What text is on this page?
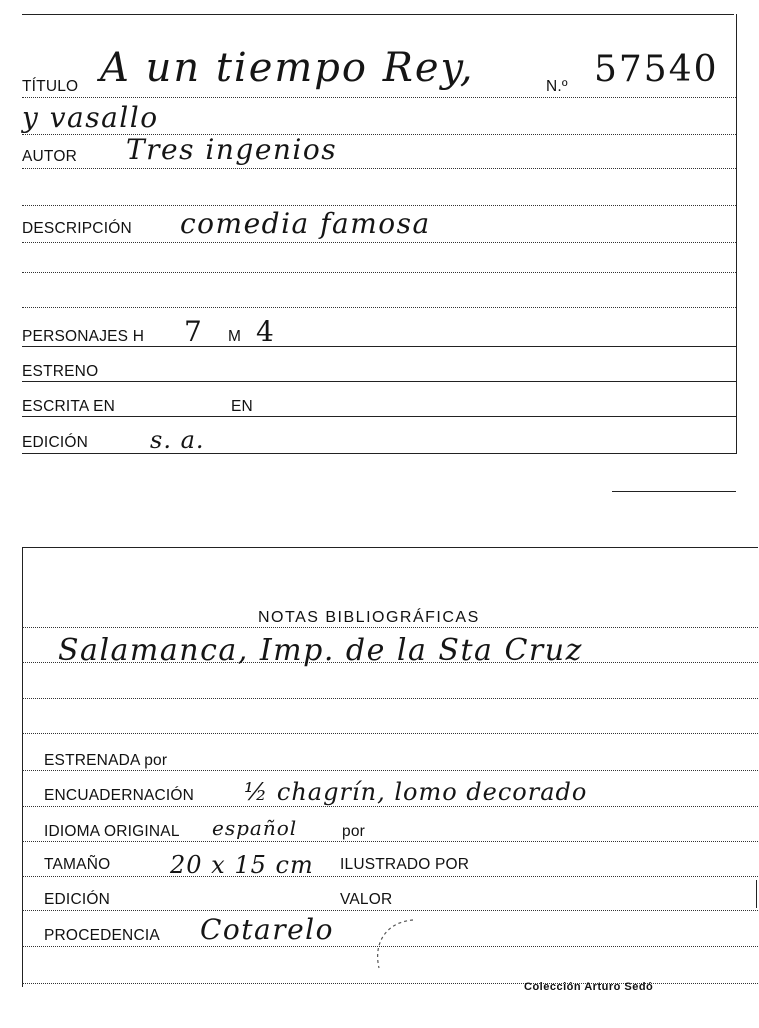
TÍTULO A un tiempo Rey,	N.º 57540
y vasallo
AUTOR Tres ingenios
DESCRIPCIÓN comedia famosa
PERSONAJES H 7 M 4
ESTRENO
ESCRITA EN	EN
EDICIÓN	s. a.
NOTAS BIBLIOGRÁFICAS
Salamanca, Imp. de la Sta Cruz
ESTRENADA por
ENCUADERNACIÓN ½ chagrín, lomo decorado
IDIOMA ORIGINAL español	por
TAMAÑO 20 x 15 cm ILUSTRADO POR
EDICIÓN	VALOR
PROCEDENCIA Cotarelo
Colección Arturo Sedó
